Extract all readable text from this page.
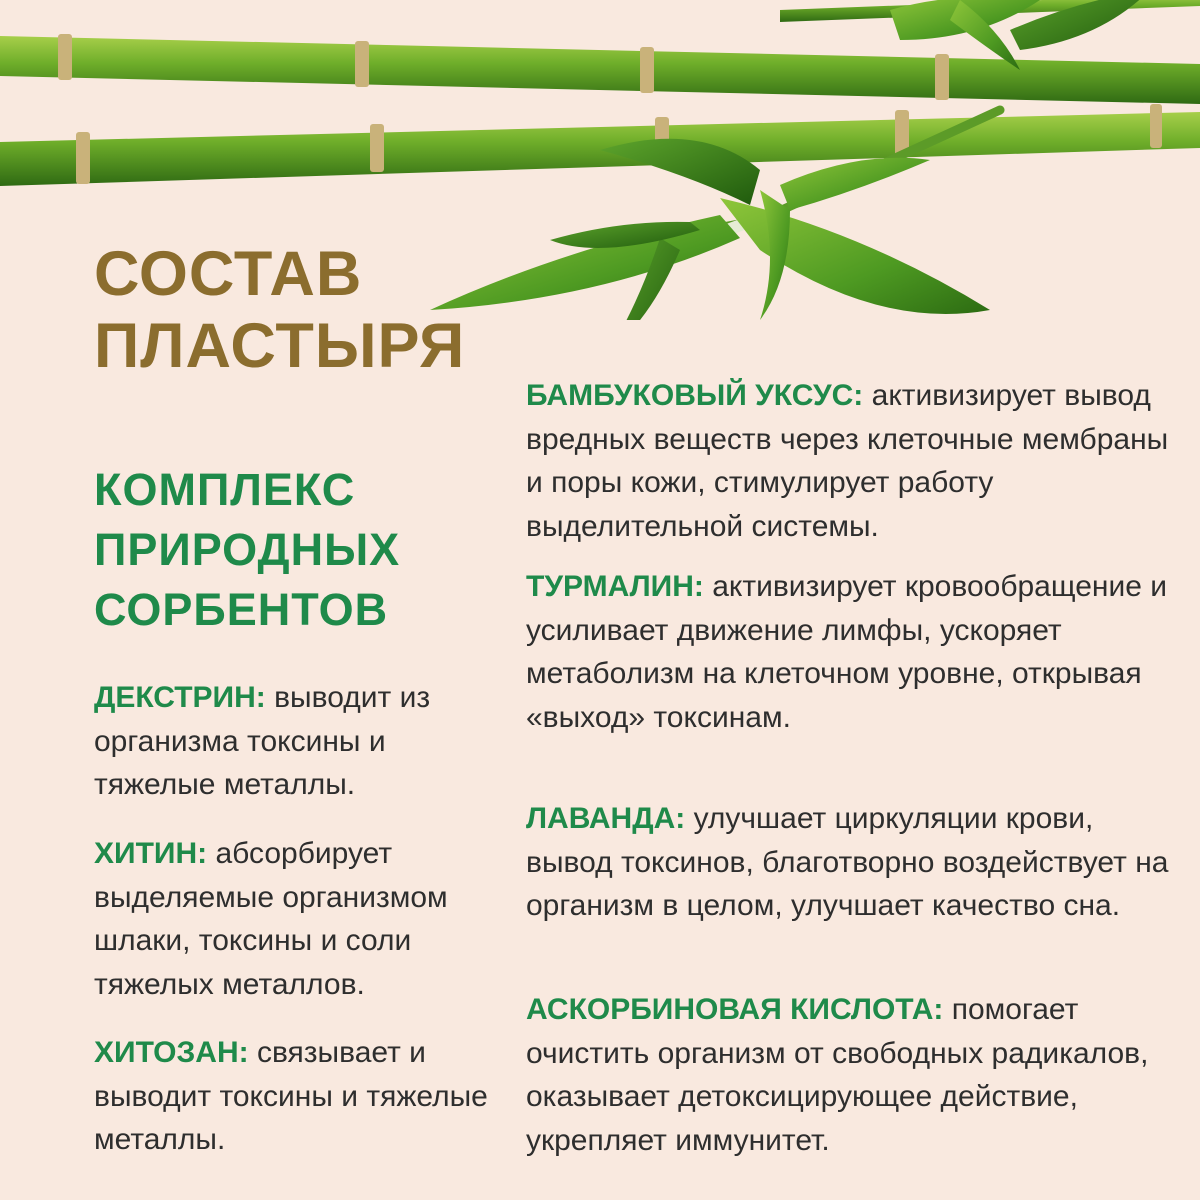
СОСТАВ
ПЛАСТЫРЯ
КОМПЛЕКС
ПРИРОДНЫХ
СОРБЕНТОВ

ДЕКСТРИН: выводит из организма токсины и тяжелые металлы.

ХИТИН: абсорбирует выделяемые организмом шлаки, токсины и соли тяжелых металлов.

ХИТОЗАН: связывает и выводит токсины и тяжелые металлы.

БАМБУКОВЫЙ УКСУС: активизирует вывод вредных веществ через клеточные мембраны и поры кожи, стимулирует работу выделительной системы.

ТУРМАЛИН: активизирует кровообращение и усиливает движение лимфы, ускоряет метаболизм на клеточном уровне, открывая «выход» токсинам.

ЛАВАНДА: улучшает циркуляции крови, вывод токсинов, благотворно воздействует на организм в целом, улучшает качество сна.

АСКОРБИНОВАЯ КИСЛОТА: помогает очистить организм от свободных радикалов, оказывает детоксицирующее действие, укрепляет иммунитет.
